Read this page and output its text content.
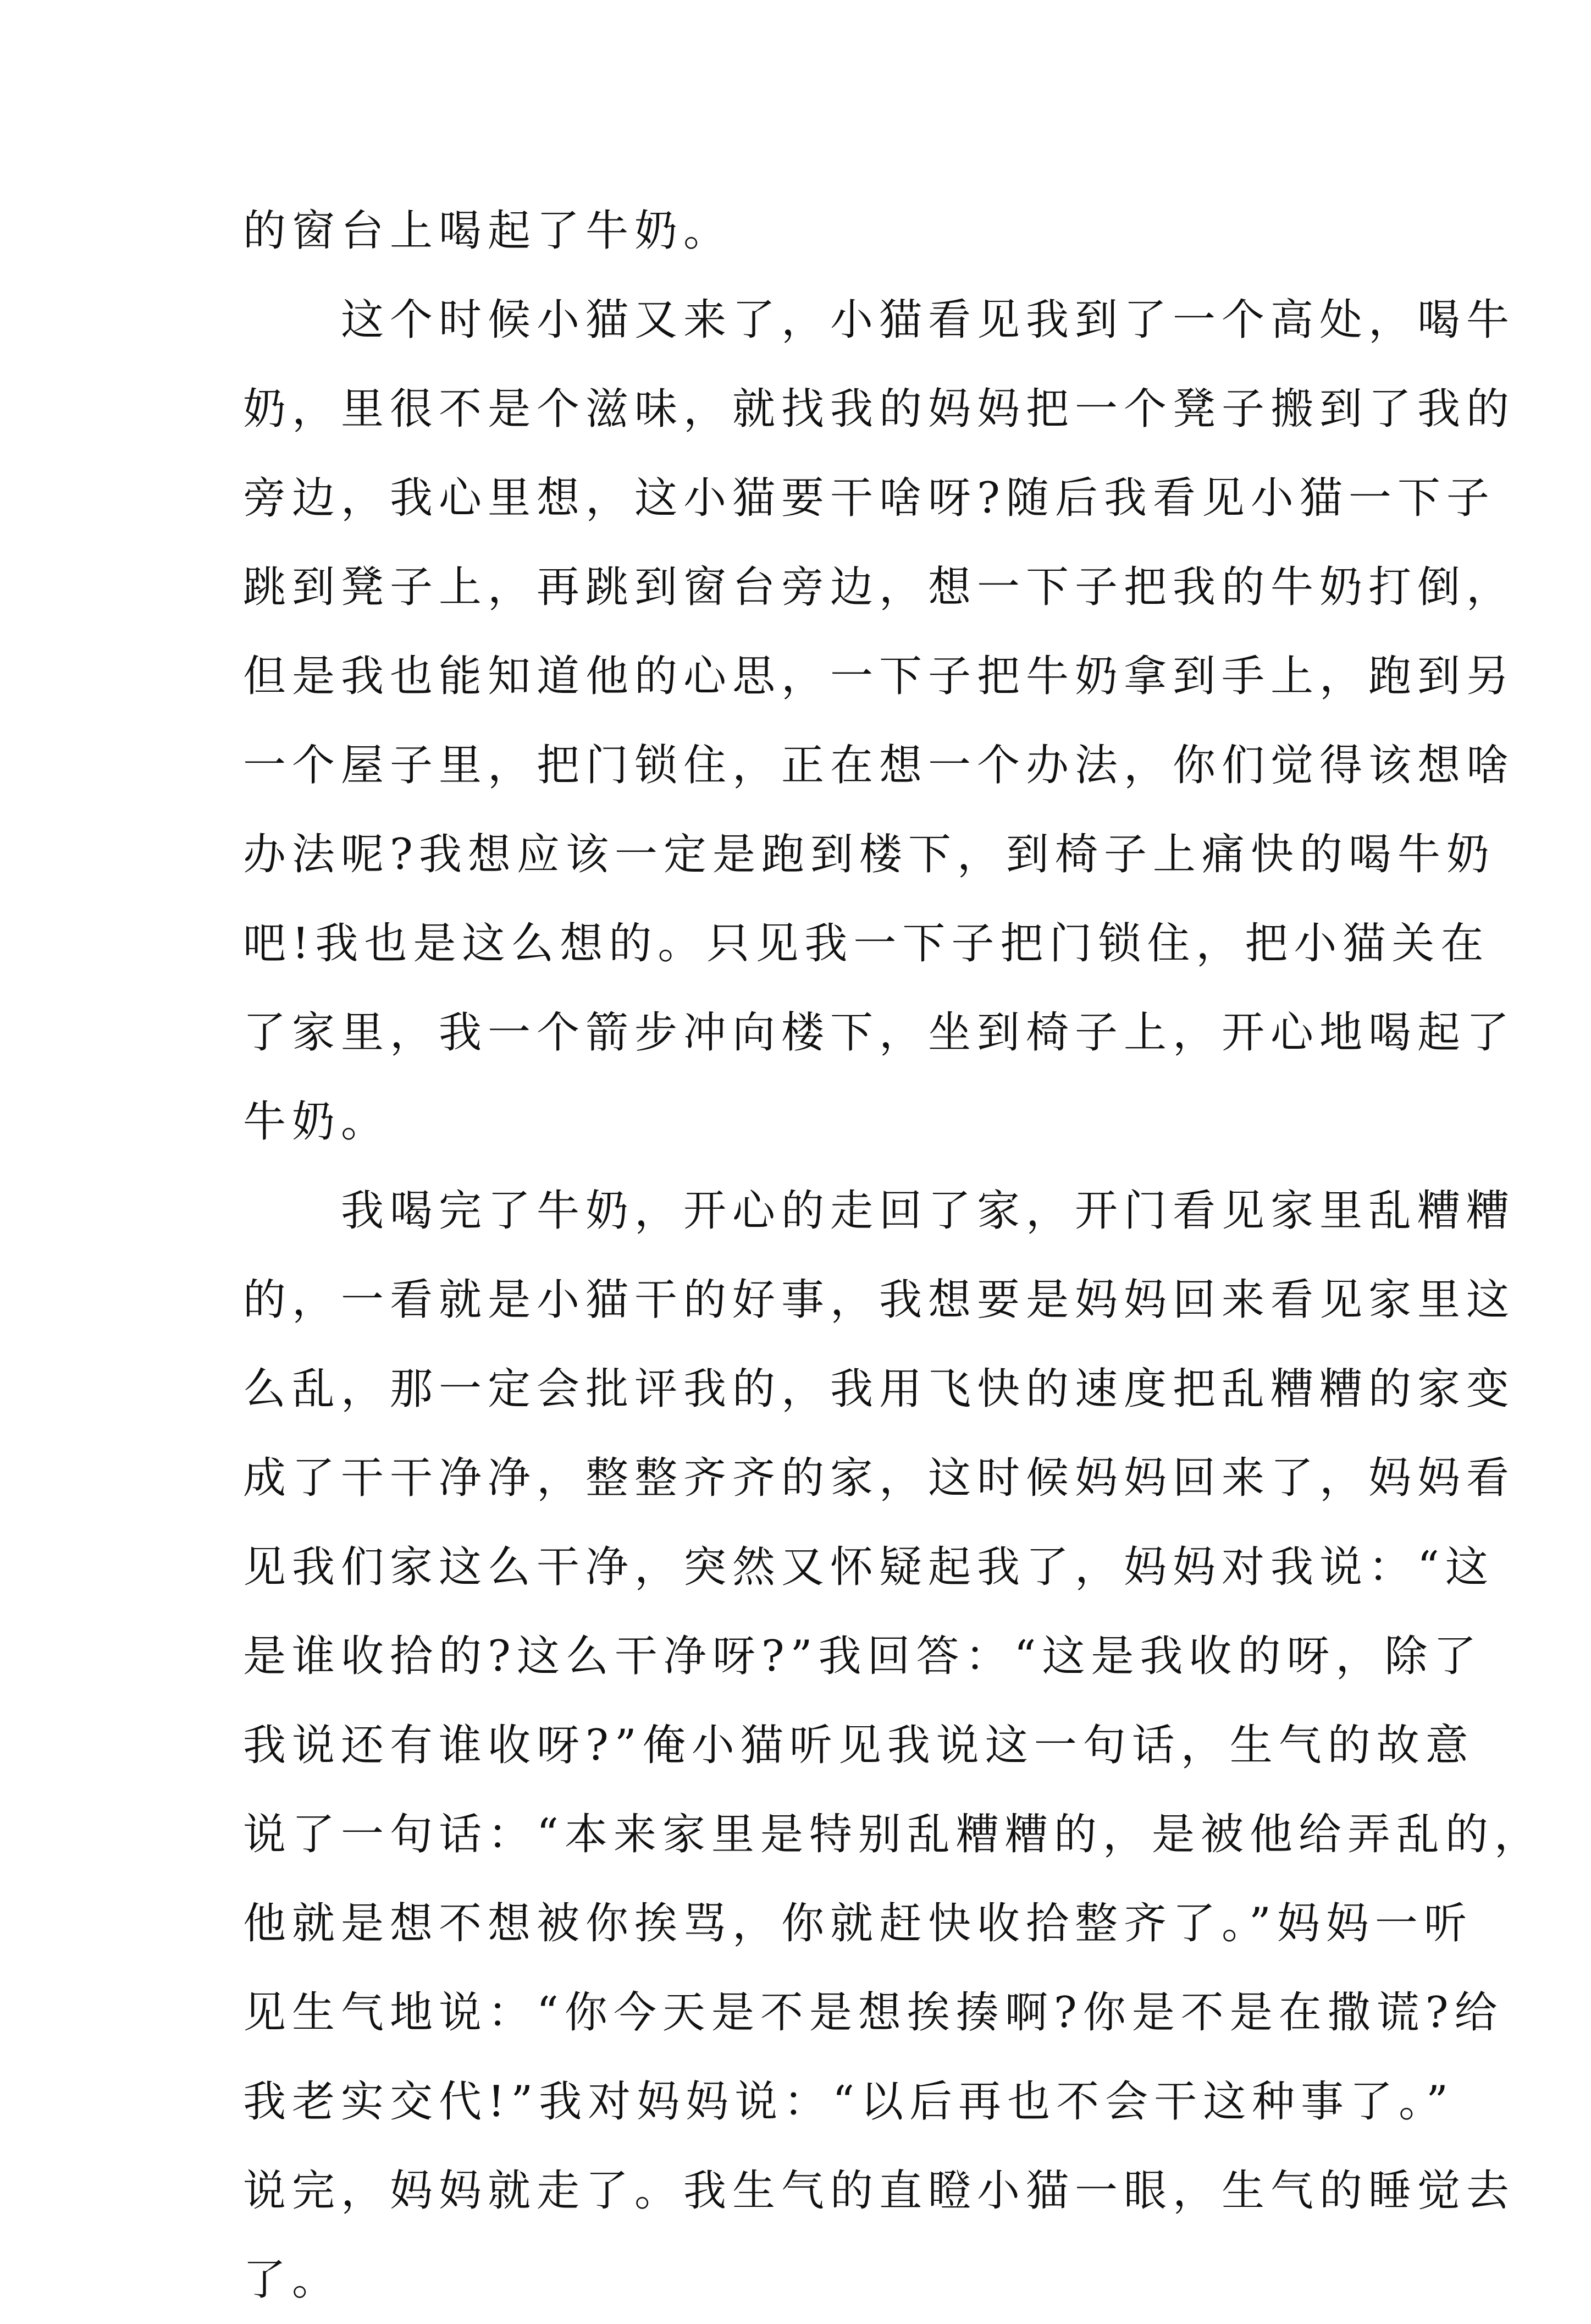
的窗台上喝起了牛奶。
　　这个时候小猫又来了，小猫看见我到了一个高处，喝牛
奶，里很不是个滋味，就找我的妈妈把一个凳子搬到了我的
旁边，我心里想，这小猫要干啥呀?随后我看见小猫一下子
跳到凳子上，再跳到窗台旁边，想一下子把我的牛奶打倒，
但是我也能知道他的心思，一下子把牛奶拿到手上，跑到另
一个屋子里，把门锁住，正在想一个办法，你们觉得该想啥
办法呢?我想应该一定是跑到楼下，到椅子上痛快的喝牛奶
吧!我也是这么想的。只见我一下子把门锁住，把小猫关在
了家里，我一个箭步冲向楼下，坐到椅子上，开心地喝起了
牛奶。
　　我喝完了牛奶，开心的走回了家，开门看见家里乱糟糟
的，一看就是小猫干的好事，我想要是妈妈回来看见家里这
么乱，那一定会批评我的，我用飞快的速度把乱糟糟的家变
成了干干净净，整整齐齐的家，这时候妈妈回来了，妈妈看
见我们家这么干净，突然又怀疑起我了，妈妈对我说：“这
是谁收拾的?这么干净呀?”我回答：“这是我收的呀，除了
我说还有谁收呀?”俺小猫听见我说这一句话，生气的故意
说了一句话：“本来家里是特别乱糟糟的，是被他给弄乱的，
他就是想不想被你挨骂，你就赶快收拾整齐了。”妈妈一听
见生气地说：“你今天是不是想挨揍啊?你是不是在撒谎?给
我老实交代!”我对妈妈说：“以后再也不会干这种事了。”
说完，妈妈就走了。我生气的直瞪小猫一眼，生气的睡觉去
了。
